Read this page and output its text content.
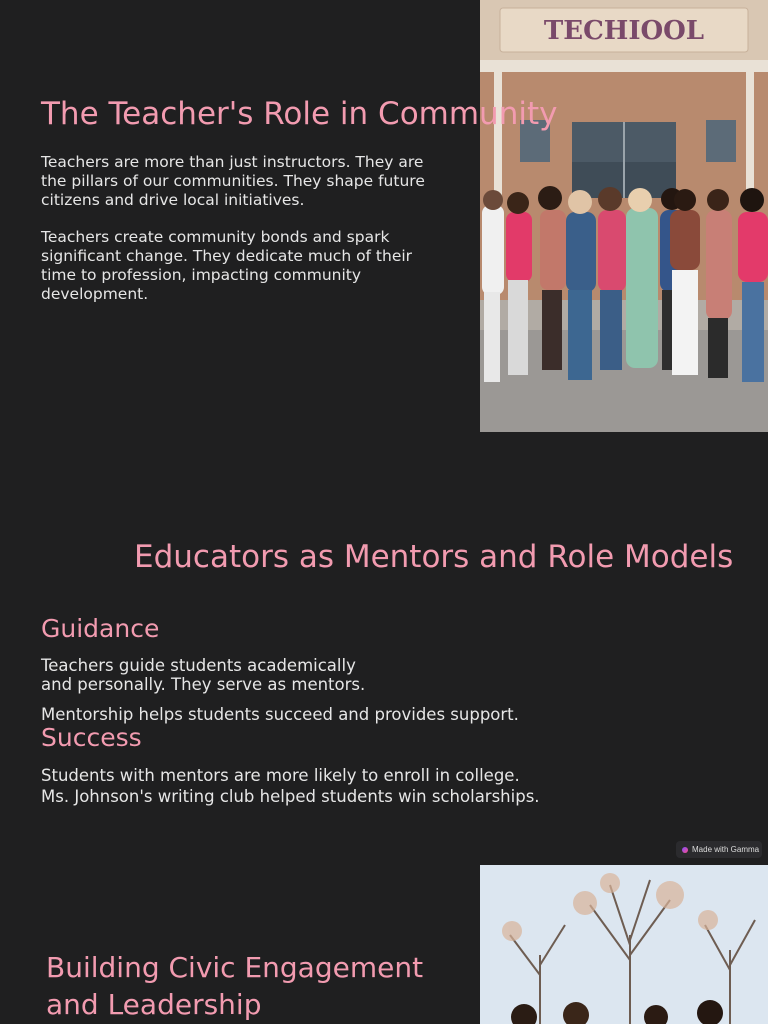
The Teacher's Role in Community

Teachers are more than just instructors. They are the pillars of our communities. They shape future citizens and drive local initiatives.

Teachers create community bonds and spark significant change. They dedicate much of their time to profession, impacting community development.

TECHIOOL
Educators as Mentors and Role Models
Guidance

Teachers guide students academically and personally. They serve as mentors.

Mentorship helps students succeed and provides support.

Success
Students with mentors are more likely to enroll in college.
Ms. Johnson's writing club helped students win scholarships.
Made with Gamma
Building Civic Engagement and Leadership
